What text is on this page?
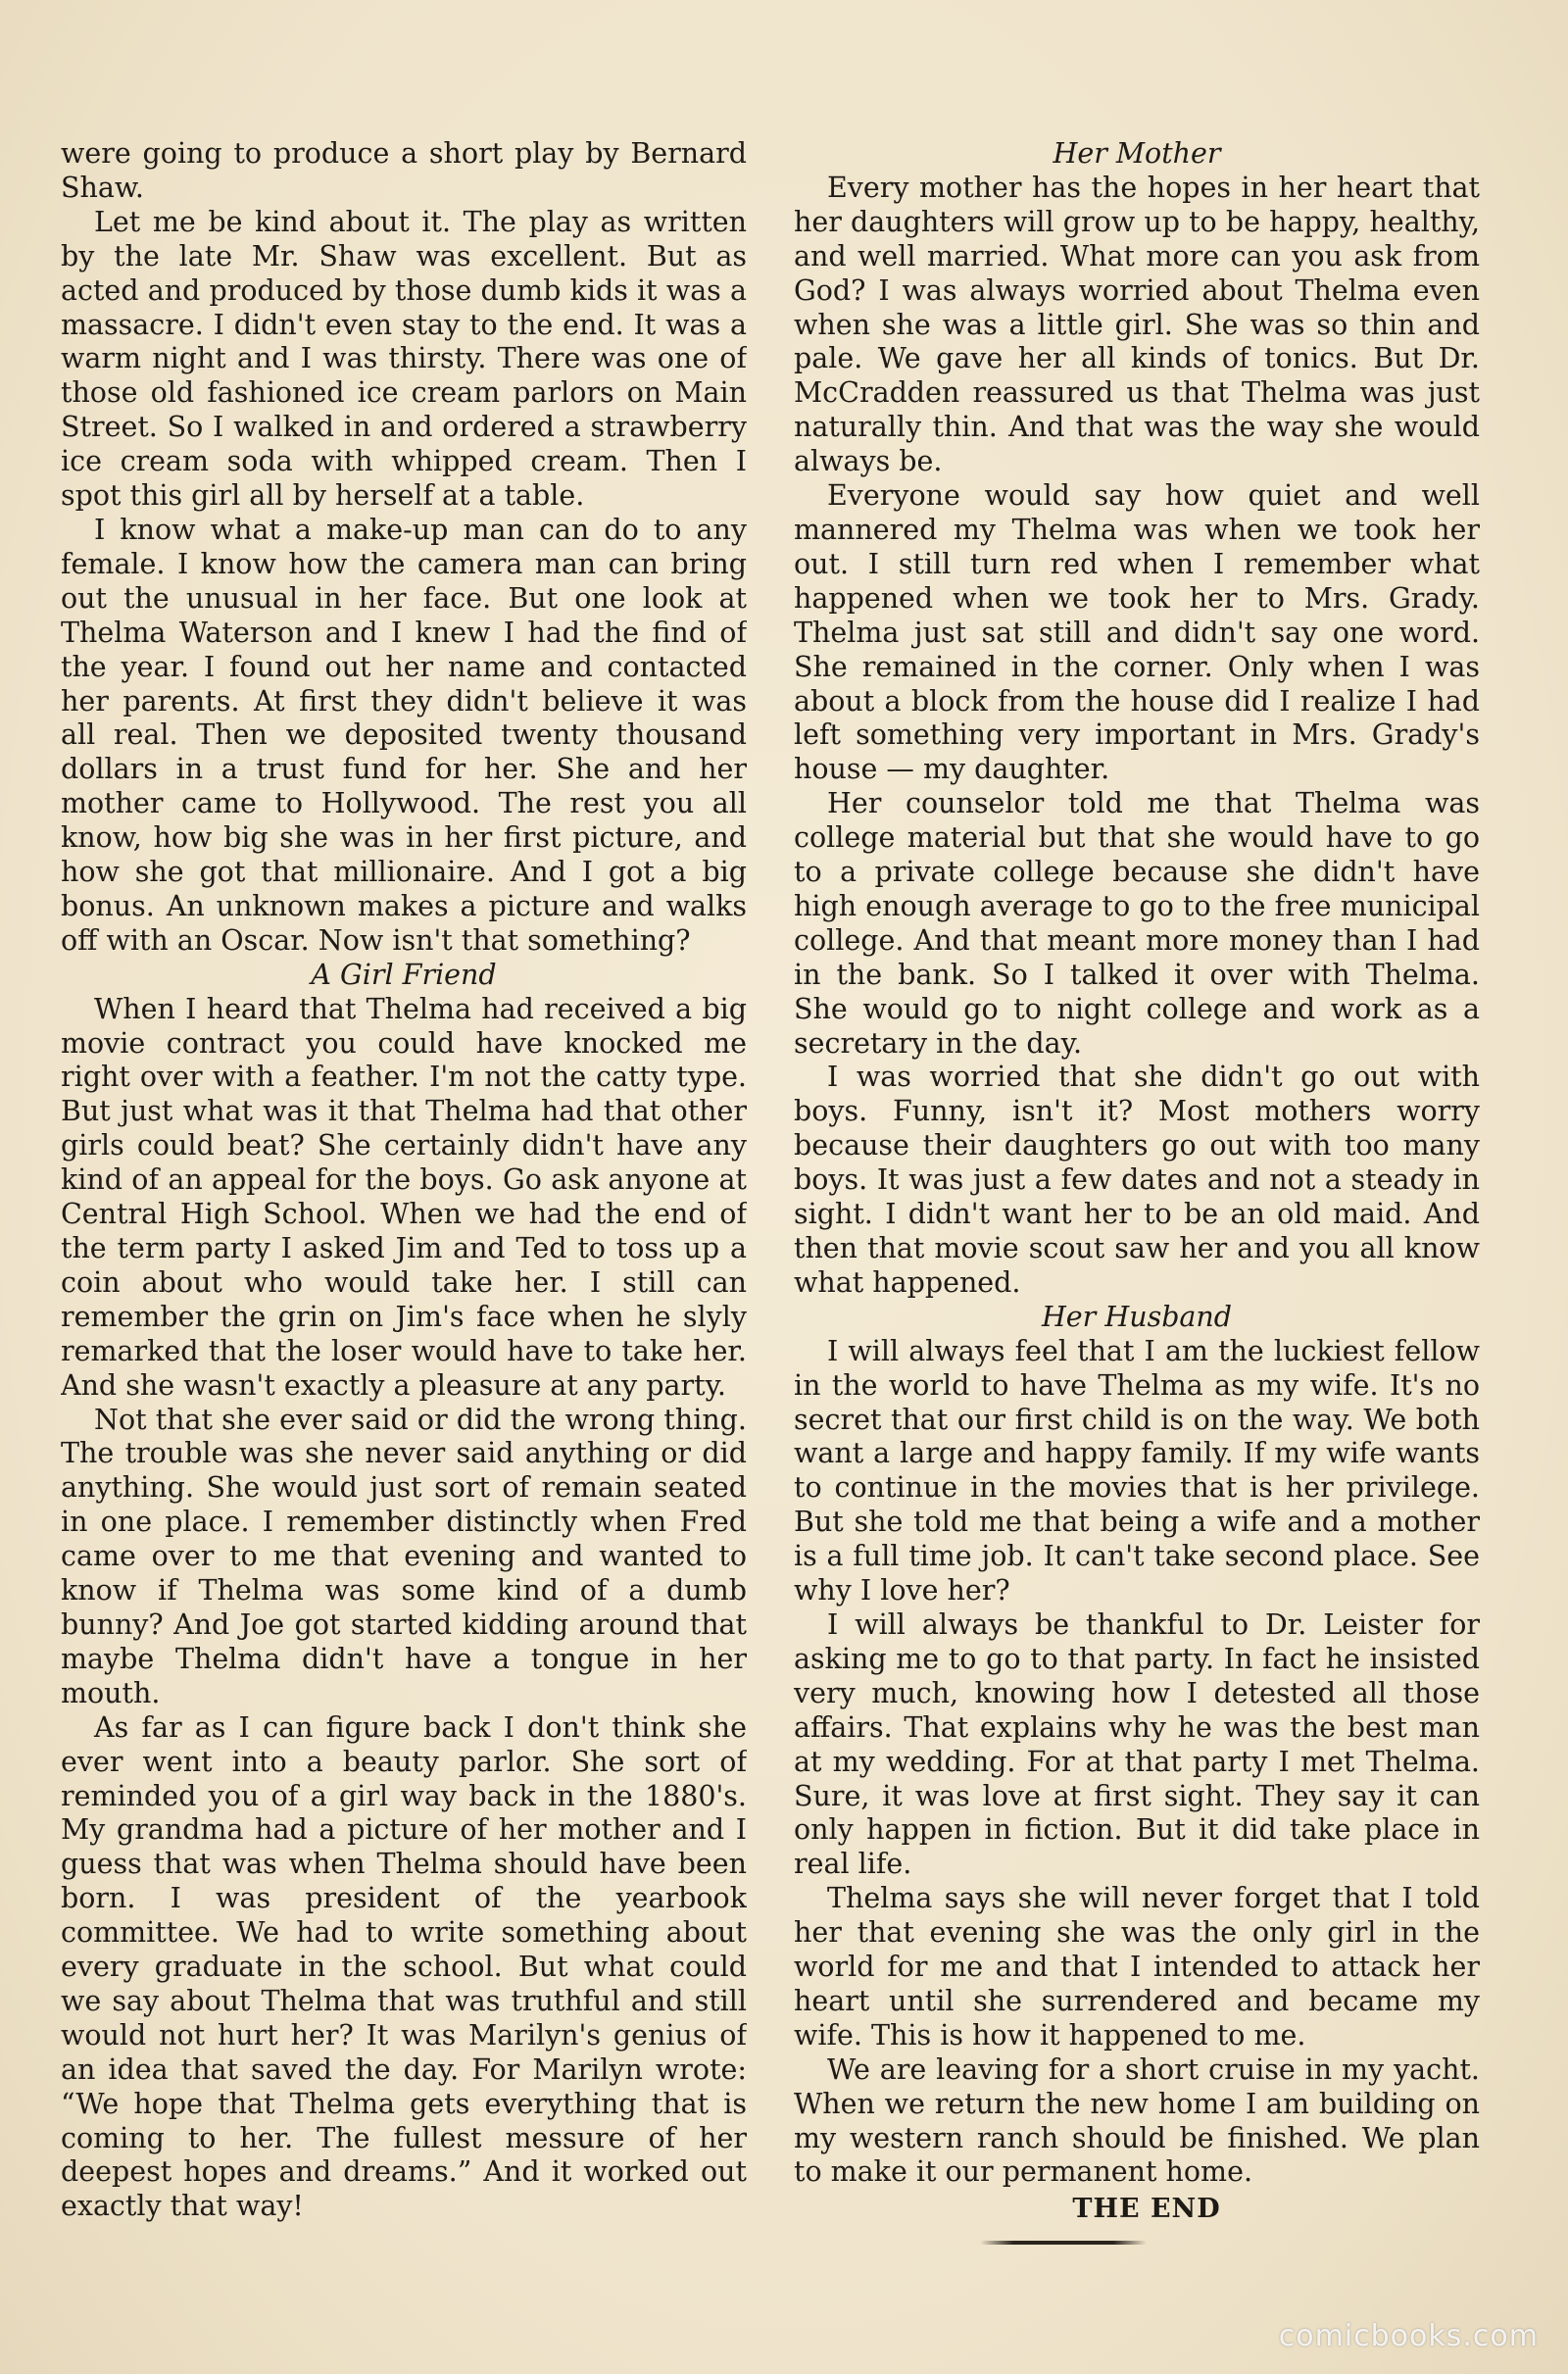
were going to produce a short play by Bernard Shaw.

Let me be kind about it. The play as written by the late Mr. Shaw was excellent. But as acted and produced by those dumb kids it was a massacre. I didn't even stay to the end. It was a warm night and I was thirsty. There was one of those old fashioned ice cream parlors on Main Street. So I walked in and ordered a strawberry ice cream soda with whipped cream. Then I spot this girl all by herself at a table.

I know what a make-up man can do to any female. I know how the camera man can bring out the unusual in her face. But one look at Thelma Waterson and I knew I had the find of the year. I found out her name and contacted her parents. At first they didn't believe it was all real. Then we deposited twenty thousand dollars in a trust fund for her. She and her mother came to Hollywood. The rest you all know, how big she was in her first picture, and how she got that millionaire. And I got a big bonus. An unknown makes a picture and walks off with an Oscar. Now isn't that something?

A Girl Friend

When I heard that Thelma had received a big movie contract you could have knocked me right over with a feather. I'm not the catty type. But just what was it that Thelma had that other girls could beat? She certainly didn't have any kind of an appeal for the boys. Go ask anyone at Central High School. When we had the end of the term party I asked Jim and Ted to toss up a coin about who would take her. I still can remember the grin on Jim's face when he slyly remarked that the loser would have to take her. And she wasn't exactly a pleasure at any party.

Not that she ever said or did the wrong thing. The trouble was she never said anything or did anything. She would just sort of remain seated in one place. I remember distinctly when Fred came over to me that evening and wanted to know if Thelma was some kind of a dumb bunny? And Joe got started kidding around that maybe Thelma didn't have a tongue in her mouth.

As far as I can figure back I don't think she ever went into a beauty parlor. She sort of reminded you of a girl way back in the 1880's. My grandma had a picture of her mother and I guess that was when Thelma should have been born. I was president of the yearbook committee. We had to write something about every graduate in the school. But what could we say about Thelma that was truthful and still would not hurt her? It was Marilyn's genius of an idea that saved the day. For Marilyn wrote: “We hope that Thelma gets everything that is coming to her. The fullest messure of her deepest hopes and dreams.” And it worked out exactly that way!

Her Mother

Every mother has the hopes in her heart that her daughters will grow up to be happy, healthy, and well married. What more can you ask from God? I was always worried about Thelma even when she was a little girl. She was so thin and pale. We gave her all kinds of tonics. But Dr. McCradden reassured us that Thelma was just naturally thin. And that was the way she would always be.

Everyone would say how quiet and well mannered my Thelma was when we took her out. I still turn red when I remember what happened when we took her to Mrs. Grady. Thelma just sat still and didn't say one word. She remained in the corner. Only when I was about a block from the house did I realize I had left something very important in Mrs. Grady's house — my daughter.

Her counselor told me that Thelma was college material but that she would have to go to a private college because she didn't have high enough average to go to the free municipal college. And that meant more money than I had in the bank. So I talked it over with Thelma. She would go to night college and work as a secretary in the day.

I was worried that she didn't go out with boys. Funny, isn't it? Most mothers worry because their daughters go out with too many boys. It was just a few dates and not a steady in sight. I didn't want her to be an old maid. And then that movie scout saw her and you all know what happened.

Her Husband

I will always feel that I am the luckiest fellow in the world to have Thelma as my wife. It's no secret that our first child is on the way. We both want a large and happy family. If my wife wants to continue in the movies that is her privilege. But she told me that being a wife and a mother is a full time job. It can't take second place. See why I love her?

I will always be thankful to Dr. Leister for asking me to go to that party. In fact he insisted very much, knowing how I detested all those affairs. That explains why he was the best man at my wedding. For at that party I met Thelma. Sure, it was love at first sight. They say it can only happen in fiction. But it did take place in real life.

Thelma says she will never forget that I told her that evening she was the only girl in the world for me and that I intended to attack her heart until she surrendered and became my wife. This is how it happened to me.

We are leaving for a short cruise in my yacht. When we return the new home I am building on my western ranch should be finished. We plan to make it our permanent home.

THE END
comicbooks.com
